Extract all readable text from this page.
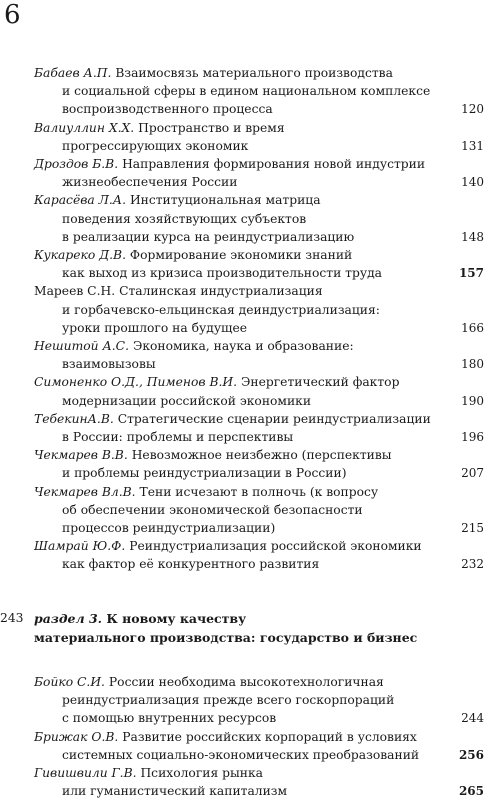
6
Бабаев А.П. Взаимосвязь материального производства
и социальной сферы в едином национальном комплексе
воспроизводственного процесса	120
Валиуллин Х.Х. Пространство и время
прогрессирующих экономик	131
Дроздов Б.В. Направления формирования новой индустрии
жизнеобеспечения России	140
Карасёва Л.А. Институциональная матрица
поведения хозяйствующих субъектов
в реализации курса на реиндустриализацию	148
Кукареко Д.В. Формирование экономики знаний
как выход из кризиса производительности труда	157
Мареев С.Н. Сталинская индустриализация
и горбачевско-ельцинская деиндустриализация:
уроки прошлого на будущее	166
Нешитой А.С. Экономика, наука и образование:
взаимовызовы	180
Симоненко О.Д., Пименов В.И. Энергетический фактор
модернизации российской экономики	190
ТебекинА.В. Стратегические сценарии реиндустриализации
в России: проблемы и перспективы	196
Чекмарев В.В. Невозможное неизбежно (перспективы
и проблемы реиндустриализации в России)	207
Чекмарев Вл.В. Тени исчезают в полночь (к вопросу
об обеспечении экономической безопасности
процессов реиндустриализации)	215
Шамрай Ю.Ф. Реиндустриализация российской экономики
как фактор её конкурентного развития	232
243 раздел 3. К новому качеству
материального производства: государство и бизнес
Бойко С.И. России необходима высокотехнологичная
реиндустриализация прежде всего госкорпораций
с помощью внутренних ресурсов	244
Брижак О.В. Развитие российских корпораций в условиях
системных социально-экономических преобразований	256
Гивишвили Г.В. Психология рынка
или гуманистический капитализм	265
